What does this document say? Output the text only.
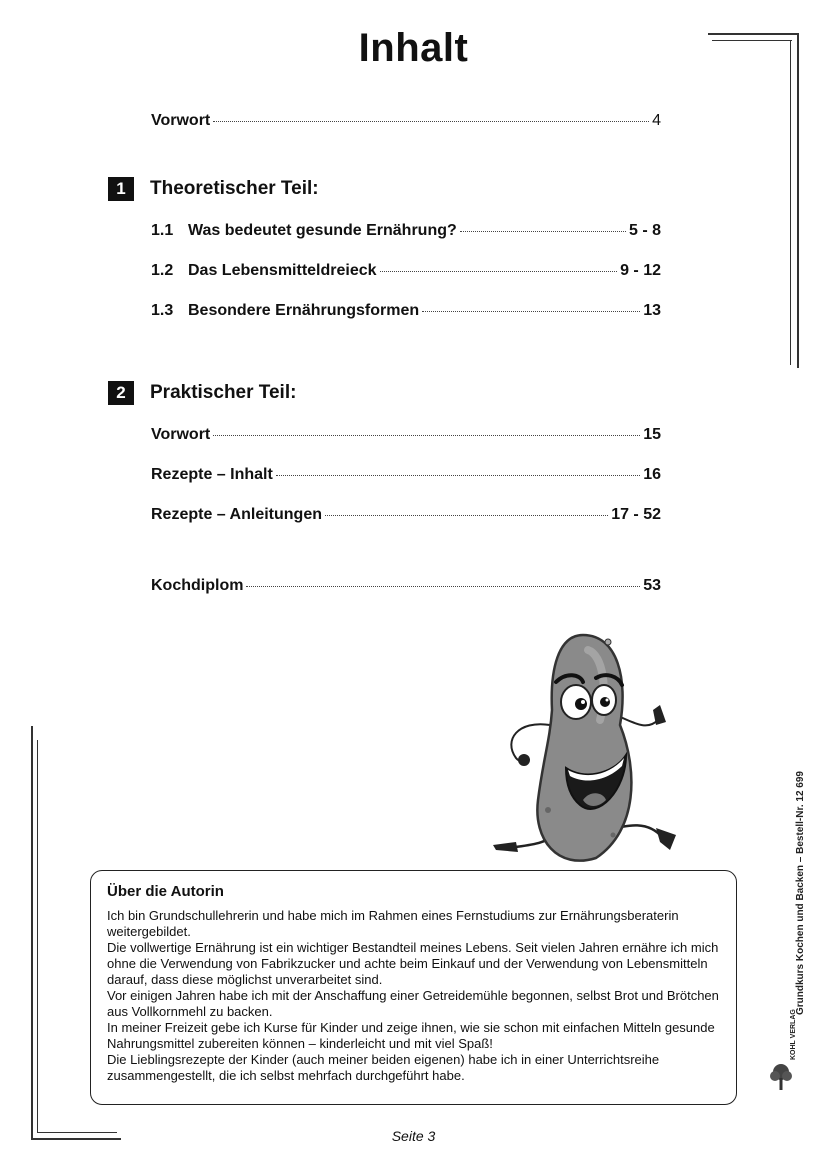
Inhalt
Vorwort	4
1	Theoretischer Teil:
1.1 Was bedeutet gesunde Ernährung?	5 - 8
1.2 Das Lebensmitteldreieck	9 - 12
1.3 Besondere Ernährungsformen	13
2	Praktischer Teil:
Vorwort	15
Rezepte – Inhalt	16
Rezepte – Anleitungen	17 - 52
Kochdiplom	53
Über die Autorin

Ich bin Grundschullehrerin und habe mich im Rahmen eines Fernstudiums zur Ernährungsberaterin weitergebildet.

Die vollwertige Ernährung ist ein wichtiger Bestandteil meines Lebens. Seit vielen Jahren ernähre ich mich ohne die Verwendung von Fabrikzucker und achte beim Einkauf und der Verwendung von Lebensmitteln darauf, dass diese möglichst unverarbeitet sind.

Vor einigen Jahren habe ich mit der Anschaffung einer Getreidemühle begonnen, selbst Brot und Brötchen aus Vollkornmehl zu backen.

In meiner Freizeit gebe ich Kurse für Kinder und zeige ihnen, wie sie schon mit einfachen Mitteln gesunde Nahrungsmittel zubereiten können – kinderleicht und mit viel Spaß!

Die Lieblingsrezepte der Kinder (auch meiner beiden eigenen) habe ich in einer Unterrichtsreihe zusammengestellt, die ich selbst mehrfach durchgeführt habe.

Grundkurs Kochen und Backen – Bestell-Nr. 12 699
KOHL VERLAG
Seite 3
